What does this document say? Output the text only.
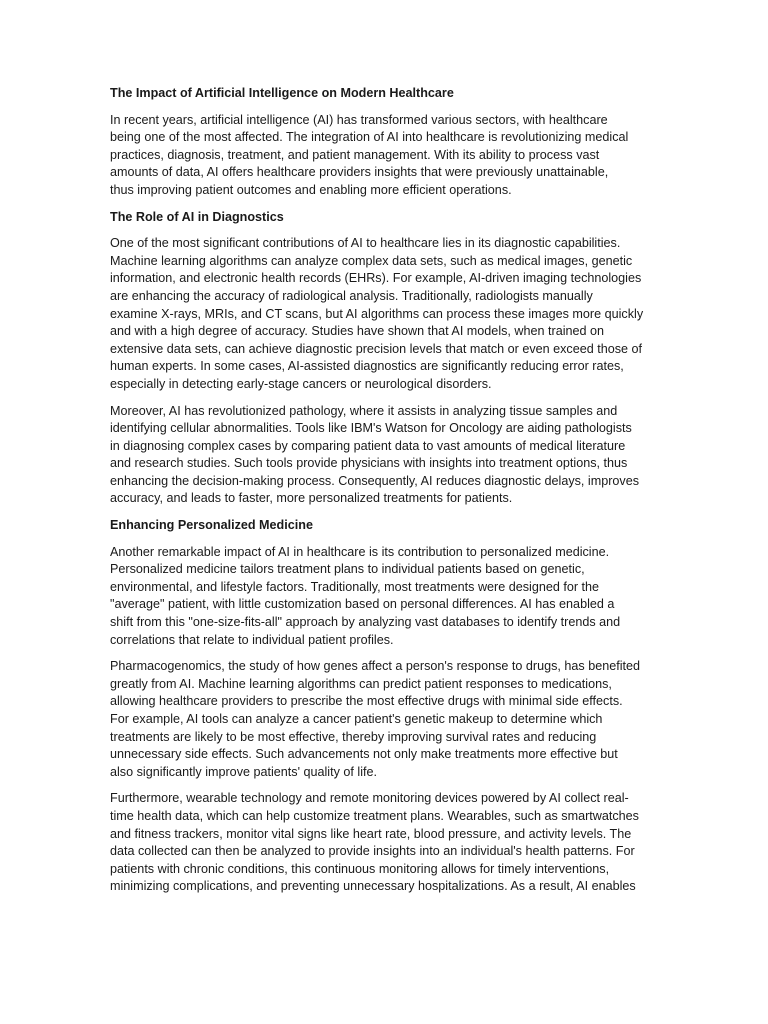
The Impact of Artificial Intelligence on Modern Healthcare

In recent years, artificial intelligence (AI) has transformed various sectors, with healthcare
being one of the most affected. The integration of AI into healthcare is revolutionizing medical
practices, diagnosis, treatment, and patient management. With its ability to process vast
amounts of data, AI offers healthcare providers insights that were previously unattainable,
thus improving patient outcomes and enabling more efficient operations.

The Role of AI in Diagnostics

One of the most significant contributions of AI to healthcare lies in its diagnostic capabilities.
Machine learning algorithms can analyze complex data sets, such as medical images, genetic
information, and electronic health records (EHRs). For example, AI-driven imaging technologies
are enhancing the accuracy of radiological analysis. Traditionally, radiologists manually
examine X-rays, MRIs, and CT scans, but AI algorithms can process these images more quickly
and with a high degree of accuracy. Studies have shown that AI models, when trained on
extensive data sets, can achieve diagnostic precision levels that match or even exceed those of
human experts. In some cases, AI-assisted diagnostics are significantly reducing error rates,
especially in detecting early-stage cancers or neurological disorders.

Moreover, AI has revolutionized pathology, where it assists in analyzing tissue samples and
identifying cellular abnormalities. Tools like IBM's Watson for Oncology are aiding pathologists
in diagnosing complex cases by comparing patient data to vast amounts of medical literature
and research studies. Such tools provide physicians with insights into treatment options, thus
enhancing the decision-making process. Consequently, AI reduces diagnostic delays, improves
accuracy, and leads to faster, more personalized treatments for patients.

Enhancing Personalized Medicine

Another remarkable impact of AI in healthcare is its contribution to personalized medicine.
Personalized medicine tailors treatment plans to individual patients based on genetic,
environmental, and lifestyle factors. Traditionally, most treatments were designed for the
"average" patient, with little customization based on personal differences. AI has enabled a
shift from this "one-size-fits-all" approach by analyzing vast databases to identify trends and
correlations that relate to individual patient profiles.

Pharmacogenomics, the study of how genes affect a person's response to drugs, has benefited
greatly from AI. Machine learning algorithms can predict patient responses to medications,
allowing healthcare providers to prescribe the most effective drugs with minimal side effects.
For example, AI tools can analyze a cancer patient's genetic makeup to determine which
treatments are likely to be most effective, thereby improving survival rates and reducing
unnecessary side effects. Such advancements not only make treatments more effective but
also significantly improve patients' quality of life.

Furthermore, wearable technology and remote monitoring devices powered by AI collect real-
time health data, which can help customize treatment plans. Wearables, such as smartwatches
and fitness trackers, monitor vital signs like heart rate, blood pressure, and activity levels. The
data collected can then be analyzed to provide insights into an individual's health patterns. For
patients with chronic conditions, this continuous monitoring allows for timely interventions,
minimizing complications, and preventing unnecessary hospitalizations. As a result, AI enables
